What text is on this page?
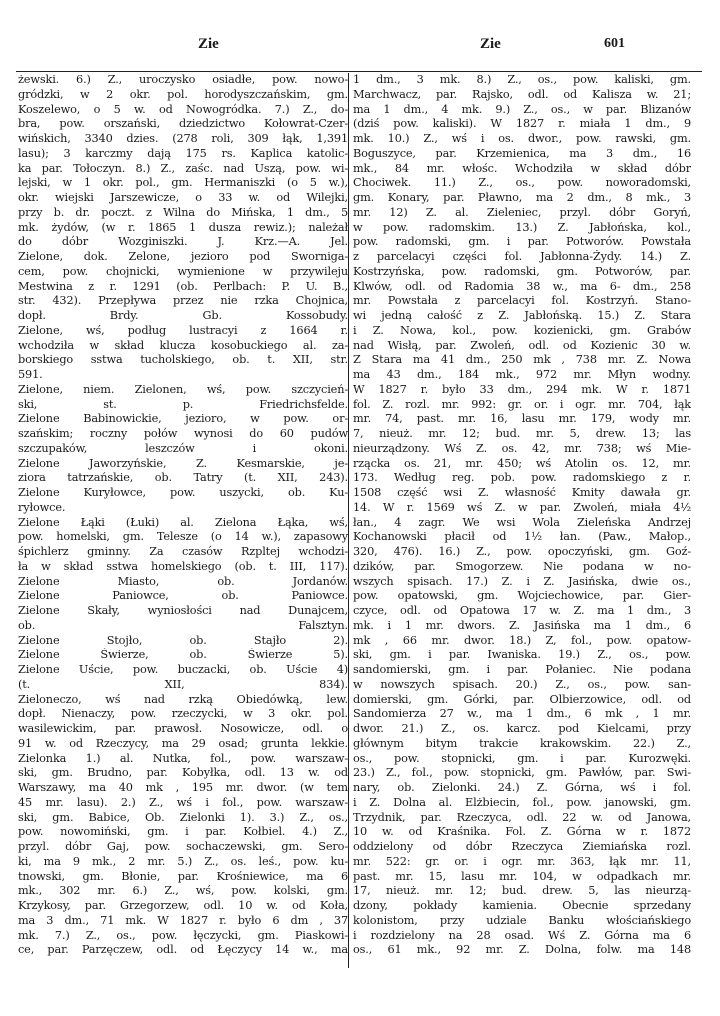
Zie	Zie	601
żewski. 6.) Z., uroczysko osiadłe, pow. nowo-
gródzki, w 2 okr. pol. horodyszczańskim, gm.
Koszelewo, o 5 w. od Nowogródka. 7.) Z., do-
bra, pow. orszański, dziedzictwo Kołowrat-Czer-
wińskich, 3340 dzies. (278 roli, 309 łąk, 1,391
lasu); 3 karczmy dają 175 rs. Kaplica katolic-
ka par. Tołoczyn. 8.) Z., zaśc. nad Uszą, pow. wi-
lejski, w 1 okr. pol., gm. Hermaniszki (o 5 w.),
okr. wiejski Jarszewicze, o 33 w. od Wilejki,
przy b. dr. poczt. z Wilna do Mińska, 1 dm., 5
mk. żydów, (w r. 1865 1 dusza rewiz.); należał
do dóbr Wozginiszki. J. Krz.—A. Jel.
Zielone, dok. Zelone, jezioro pod Sworniga-
cem, pow. chojnicki, wymienione w przywileju
Mestwina z r. 1291 (ob. Perlbach: P. U. B.,
str. 432). Przepływa przez nie rzka Chojnica,
dopł. Brdy. Gb. Kossobudy.
Zielone, wś, podług lustracyi z 1664 r.
wchodziła w skład klucza kosobuckiego al. za-
borskiego sstwa tucholskiego, ob. t. XII, str.
591.
Zielone, niem. Zielonen, wś, pow. szczycień-
ski, st. p. Friedrichsfelde.
Zielone Babinowickie, jezioro, w pow. or-
szańskim; roczny połów wynosi do 60 pudów
szczupaków, leszczów i okoni.
Zielone Jaworzyńskie, Z. Kesmarskie, je-
ziora tatrzańskie, ob. Tatry (t. XII, 243).
Zielone Kuryłowce, pow. uszycki, ob. Ku-
ryłowce.
Zielone Łąki (Łuki) al. Zielona Łąka, wś,
pow. homelski, gm. Telesze (o 14 w.), zapasowy
śpichlerz gminny. Za czasów Rzpltej wchodzi-
ła w skład sstwa homelskiego (ob. t. III, 117).
Zielone Miasto, ob. Jordanów.
Zielone Paniowce, ob. Paniowce.
Zielone Skały, wyniosłości nad Dunajcem,
ob. Falsztyn.
Zielone Stojło, ob. Stajło 2).
Zielone Świerze, ob. Świerze 5).
Zielone Uście, pow. buczacki, ob. Uście 4)
(t. XII, 834).
Zieloneczo, wś nad rzką Obiedówką, lew.
dopł. Nienaczy, pow. rzeczycki, w 3 okr. pol.
wasilewickim, par. prawosł. Nosowicze, odl. o
91 w. od Rzeczycy, ma 29 osad; grunta lekkie.
Zielonka 1.) al. Nutka, fol., pow. warszaw-
ski, gm. Brudno, par. Kobyłka, odl. 13 w. od
Warszawy, ma 40 mk , 195 mr. dwor. (w tem
45 mr. lasu). 2.) Z., wś i fol., pow. warszaw-
ski, gm. Babice, Ob. Zielonki 1). 3.) Z., os.,
pow. nowomiński, gm. i par. Kołbiel. 4.) Z.,
przyl. dóbr Gaj, pow. sochaczewski, gm. Sero-
ki, ma 9 mk., 2 mr. 5.) Z., os. leś., pow. ku-
tnowski, gm. Błonie, par. Krośniewice, ma 6
mk., 302 mr. 6.) Z., wś, pow. kolski, gm.
Krzykosy, par. Grzegorzew, odl. 10 w. od Koła,
ma 3 dm., 71 mk. W 1827 r. było 6 dm , 37
mk. 7.) Z., os., pow. łęczycki, gm. Piaskowi-
ce, par. Parzęczew, odl. od Łęczycy 14 w., ma
1 dm., 3 mk. 8.) Z., os., pow. kaliski, gm.
Marchwacz, par. Rajsko, odl. od Kalisza w. 21;
ma 1 dm., 4 mk. 9.) Z., os., w par. Blizanów
(dziś pow. kaliski). W 1827 r. miała 1 dm., 9
mk. 10.) Z., wś i os. dwor., pow. rawski, gm.
Boguszyce, par. Krzemienica, ma 3 dm., 16
mk., 84 mr. włośc. Wchodziła w skład dóbr
Chociwek. 11.) Z., os., pow. noworadomski,
gm. Konary, par. Pławno, ma 2 dm., 8 mk., 3
mr. 12) Z. al. Zieleniec, przyl. dóbr Goryń,
w pow. radomskim. 13.) Z. Jabłońska, kol.,
pow. radomski, gm. i par. Potworów. Powstała
z parcelacyi części fol. Jabłonna-Żydy. 14.) Z.
Kostrzyńska, pow. radomski, gm. Potworów, par.
Klwów, odl. od Radomia 38 w., ma 6- dm., 258
mr. Powstała z parcelacyi fol. Kostrzyń. Stano-
wi jedną całość z Z. Jabłońską. 15.) Z. Stara
i Z. Nowa, kol., pow. kozienicki, gm. Grabów
nad Wisłą, par. Zwoleń, odl. od Kozienic 30 w.
Z Stara ma 41 dm., 250 mk , 738 mr. Z. Nowa
ma 43 dm., 184 mk., 972 mr. Młyn wodny.
W 1827 r. było 33 dm., 294 mk. W r. 1871
fol. Z. rozl. mr. 992: gr. or. i ogr. mr. 704, łąk
mr. 74, past. mr. 16, lasu mr. 179, wody mr.
7, nieuż. mr. 12; bud. mr. 5, drew. 13; las
nieurządzony. Wś Z. os. 42, mr. 738; wś Mie-
rzącka os. 21, mr. 450; wś Atolin os. 12, mr.
173. Według reg. pob. pow. radomskiego z r.
1508 część wsi Z. własność Kmity dawała gr.
14. W r. 1569 wś Z. w par. Zwoleń, miała 4½
łan., 4 zagr. We wsi Wola Zieleńska Andrzej
Kochanowski płacił od 1½ łan. (Paw., Małop.,
320, 476). 16.) Z., pow. opoczyński, gm. Goź-
dzików, par. Smogorzew. Nie podana w no-
wszych spisach. 17.) Z. i Z. Jasińska, dwie os.,
pow. opatowski, gm. Wojciechowice, par. Gier-
czyce, odl. od Opatowa 17 w. Z. ma 1 dm., 3
mk. i 1 mr. dwors. Z. Jasińska ma 1 dm., 6
mk , 66 mr. dwor. 18.) Z, fol., pow. opatow-
ski, gm. i par. Iwaniska. 19.) Z., os., pow.
sandomierski, gm. i par. Połaniec. Nie podana
w nowszych spisach. 20.) Z., os., pow. san-
domierski, gm. Górki, par. Olbierzowice, odl. od
Sandomierza 27 w., ma 1 dm., 6 mk , 1 mr.
dwor. 21.) Z., os. karcz. pod Kielcami, przy
głównym bitym trakcie krakowskim. 22.) Z.,
os., pow. stopnicki, gm. i par. Kurozwęki.
23.) Z., fol., pow. stopnicki, gm. Pawłów, par. Swi-
nary, ob. Zielonki. 24.) Z. Górna, wś i fol.
i Z. Dolna al. Elżbiecin, fol., pow. janowski, gm.
Trzydnik, par. Rzeczyca, odl. 22 w. od Janowa,
10 w. od Kraśnika. Fol. Z. Górna w r. 1872
oddzielony od dóbr Rzeczyca Ziemiańska rozl.
mr. 522: gr. or. i ogr. mr. 363, łąk mr. 11,
past. mr. 15, lasu mr. 104, w odpadkach mr.
17, nieuż. mr. 12; bud. drew. 5, las nieurzą-
dzony, pokłady kamienia. Obecnie sprzedany
kolonistom, przy udziale Banku włościańskiego
i rozdzielony na 28 osad. Wś Z. Górna ma 6
os., 61 mk., 92 mr. Z. Dolna, folw. ma 148
